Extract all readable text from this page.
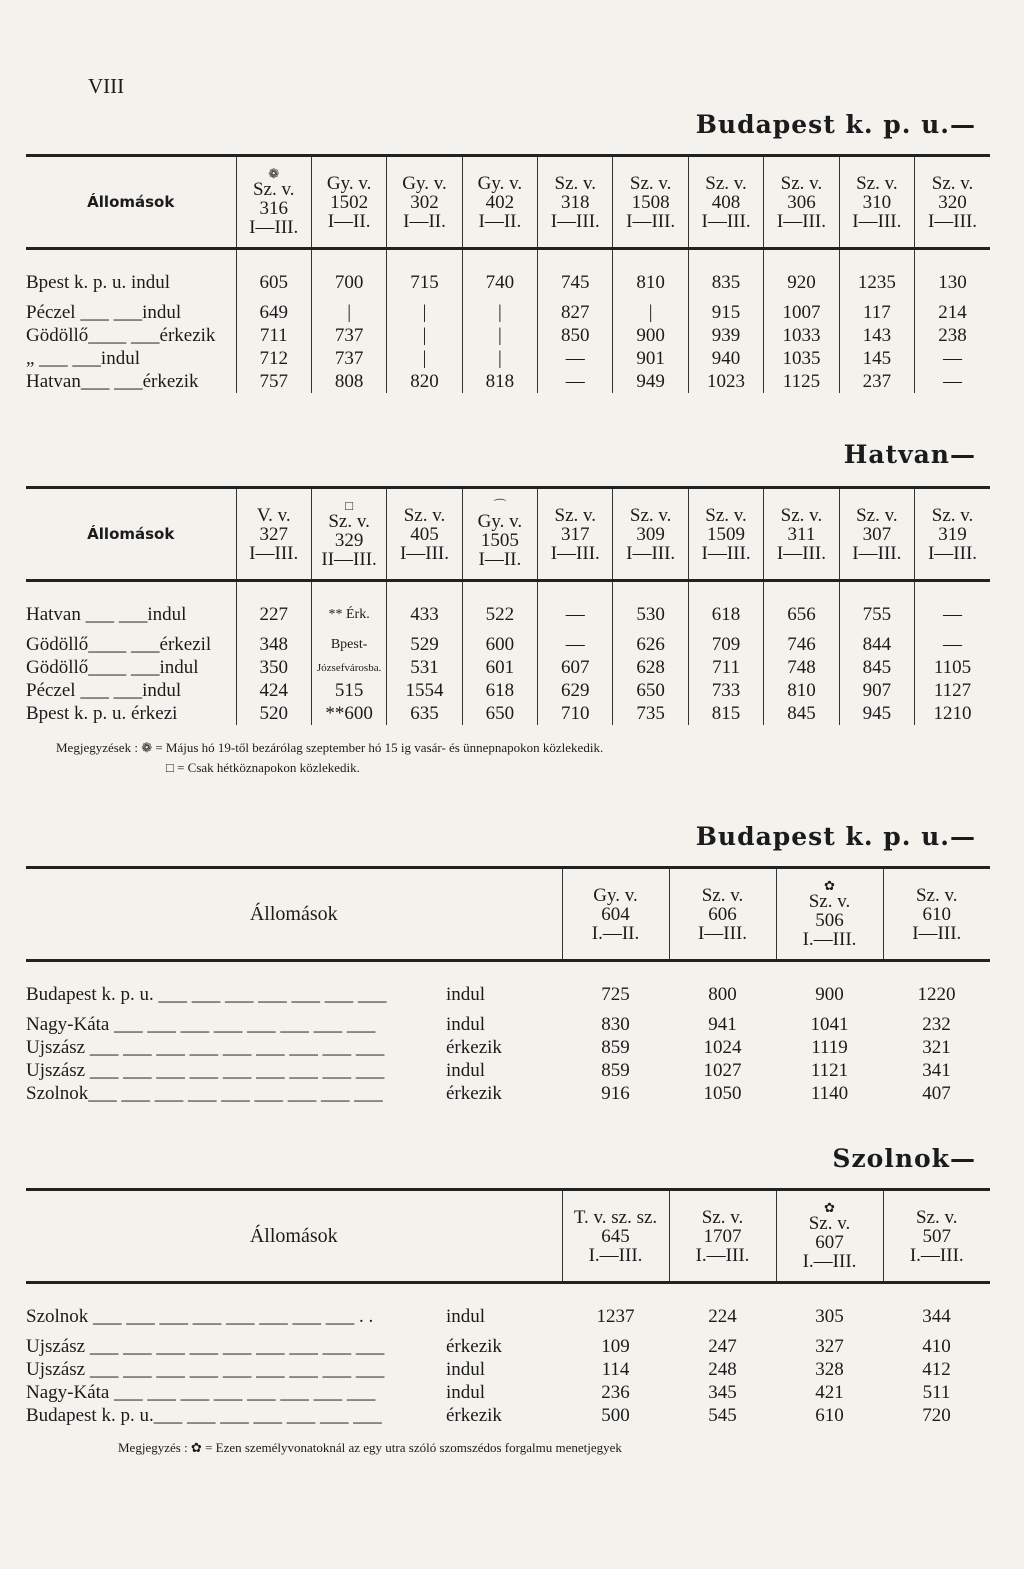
VIII
Budapest k. p. u.—
Állomások	❁
Sz. v.
316
I—III.	Gy. v.
1502
I—II.	Gy. v.
302
I—II.	Gy. v.
402
I—II.	Sz. v.
318
I—III.	Sz. v.
1508
I—III.	Sz. v.
408
I—III.	Sz. v.
306
I—III.	Sz. v.
310
I—III.	Sz. v.
320
I—III.

Bpest k. p. u. indul	605	700	715	740	745	810	835	920	1235	130
Péczel ___ ___indul	649	|	|	|	827	|	915	1007	117	214
Gödöllő____ ___érkezik	711	737	|	|	850	900	939	1033	143	238
„ ___ ___indul	712	737	|	|	—	901	940	1035	145	—
Hatvan___ ___érkezik	757	808	820	818	—	949	1023	1125	237	—
Hatvan—
Állomások	V. v.
327
I—III.	□
Sz. v.
329
II—III.	Sz. v.
405
I—III.	⌒
Gy. v.
1505
I—II.	Sz. v.
317
I—III.	Sz. v.
309
I—III.	Sz. v.
1509
I—III.	Sz. v.
311
I—III.	Sz. v.
307
I—III.	Sz. v.
319
I—III.

Hatvan ___ ___indul	227	** Érk.	433	522	—	530	618	656	755	—
Gödöllő____ ___érkezil	348	Bpest-	529	600	—	626	709	746	844	—
Gödöllő____ ___indul	350	Józsefvárosba.	531	601	607	628	711	748	845	1105
Péczel ___ ___indul	424	515	1554	618	629	650	733	810	907	1127
Bpest k. p. u. érkezi	520	**600	635	650	710	735	815	845	945	1210
Megjegyzések : ❁ = Május hó 19-től bezárólag szeptember hó 15 ig vasár- és ünnepnapokon közlekedik.
□ = Csak hétköznapokon közlekedik.
Budapest k. p. u.—
Állomások		Gy. v.
604
I.—II.	Sz. v.
606
I—III.	✿
Sz. v.
506
I.—III.	Sz. v.
610
I—III.

Budapest k. p. u. ___ ___ ___ ___ ___ ___ ___	indul	725	800	900	1220
Nagy-Káta ___ ___ ___ ___ ___ ___ ___ ___	indul	830	941	1041	232
Ujszász ___ ___ ___ ___ ___ ___ ___ ___ ___	érkezik	859	1024	1119	321
Ujszász ___ ___ ___ ___ ___ ___ ___ ___ ___	indul	859	1027	1121	341
Szolnok___ ___ ___ ___ ___ ___ ___ ___ ___	érkezik	916	1050	1140	407
Szolnok—
Állomások		T. v. sz. sz.
645
I.—III.	Sz. v.
1707
I.—III.	✿
Sz. v.
607
I.—III.	Sz. v.
507
I.—III.

Szolnok ___ ___ ___ ___ ___ ___ ___ ___ . .	indul	1237	224	305	344
Ujszász ___ ___ ___ ___ ___ ___ ___ ___ ___	érkezik	109	247	327	410
Ujszász ___ ___ ___ ___ ___ ___ ___ ___ ___	indul	114	248	328	412
Nagy-Káta ___ ___ ___ ___ ___ ___ ___ ___	indul	236	345	421	511
Budapest k. p. u.___ ___ ___ ___ ___ ___ ___	érkezik	500	545	610	720
Megjegyzés : ✿ = Ezen személyvonatoknál az egy utra szóló szomszédos forgalmu menetjegyek
